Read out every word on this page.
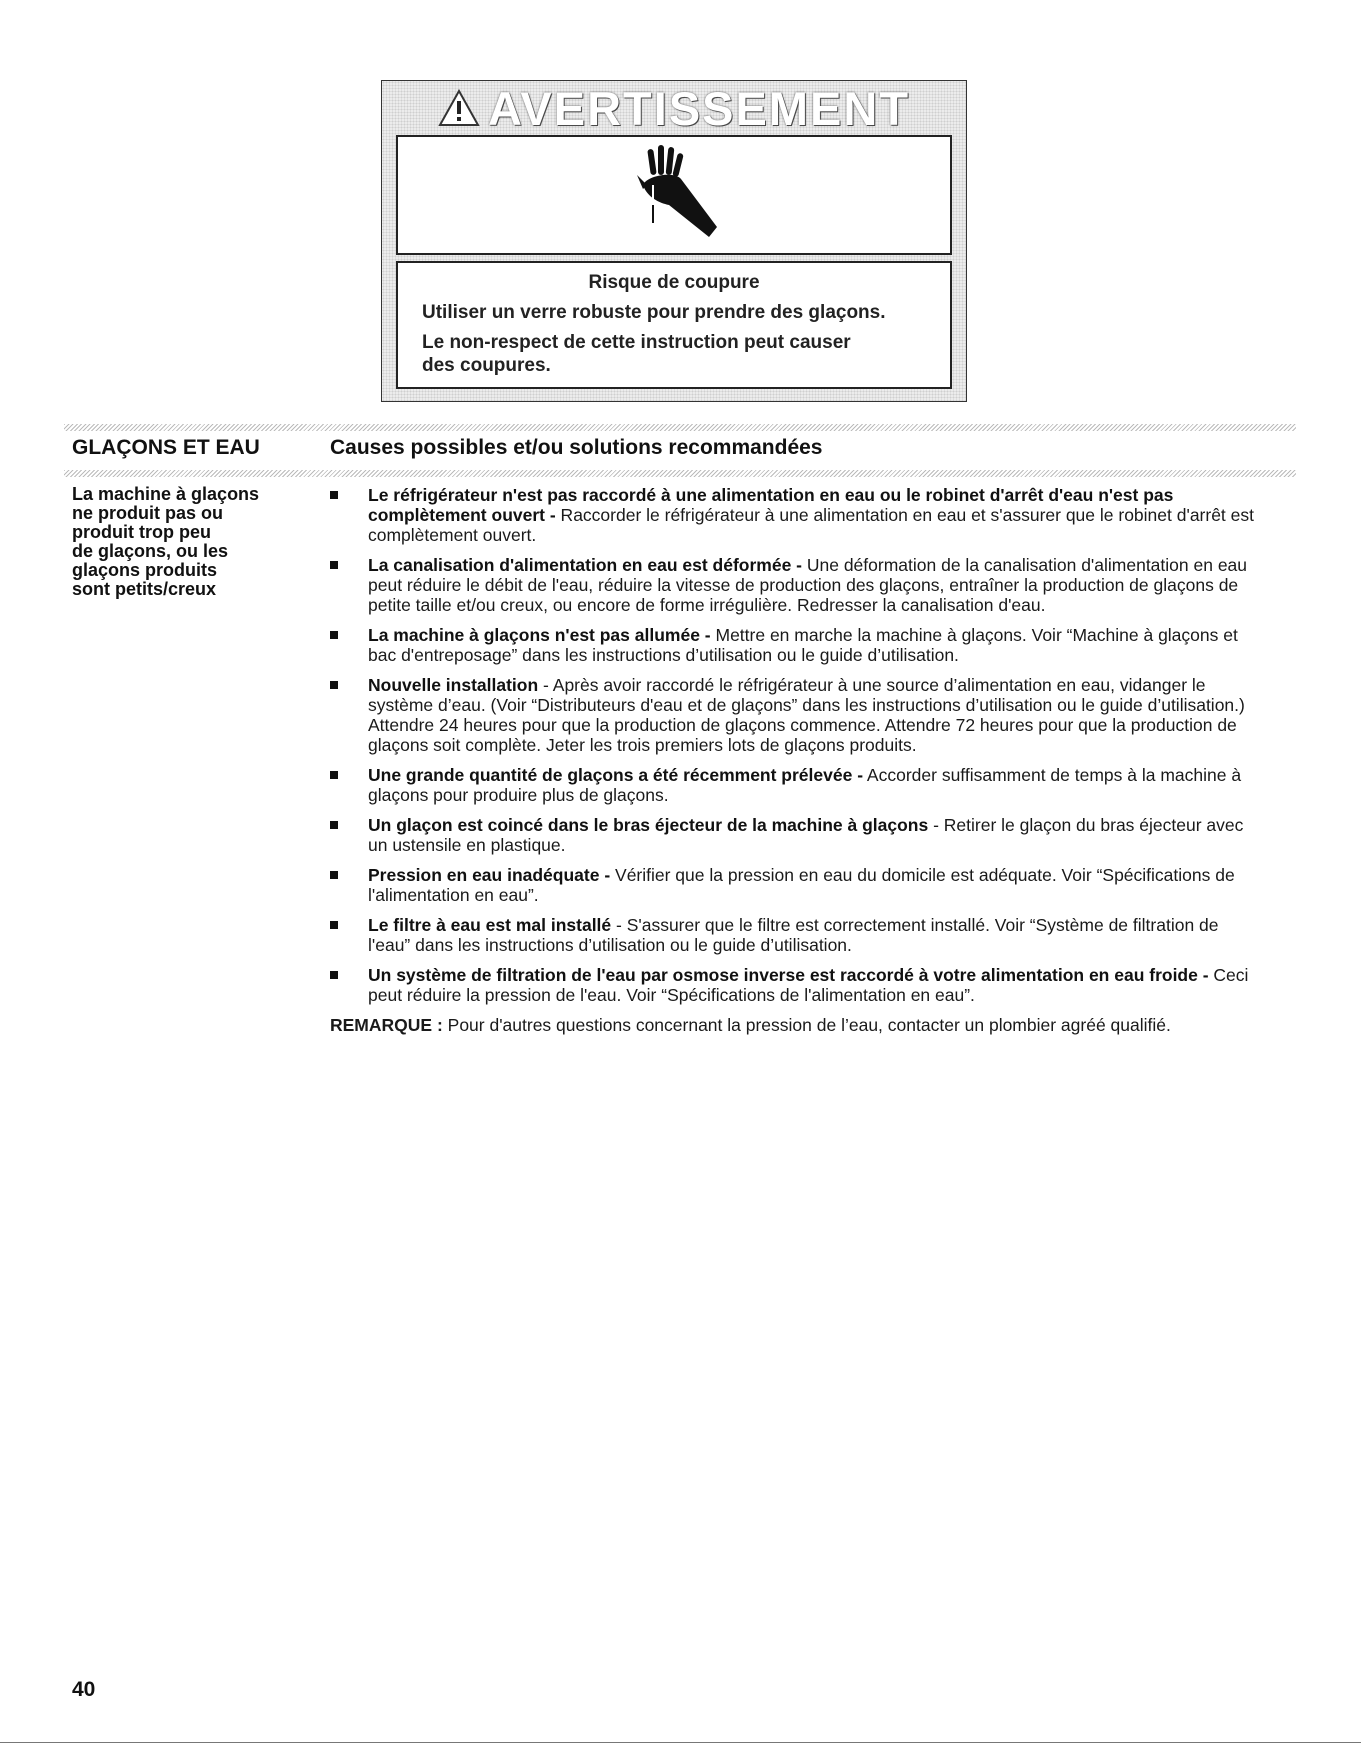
AVERTISSEMENT
Risque de coupure
Utiliser un verre robuste pour prendre des glaçons.
Le non-respect de cette instruction peut causer
des coupures.
GLAÇONS ET EAU	Causes possibles et/ou solutions recommandées
La machine à glaçons
ne produit pas ou
produit trop peu
de glaçons, ou les
glaçons produits
sont petits/creux
Le réfrigérateur n'est pas raccordé à une alimentation en eau ou le robinet d'arrêt d'eau n'est pas complètement ouvert - Raccorder le réfrigérateur à une alimentation en eau et s'assurer que le robinet d'arrêt est complètement ouvert.
La canalisation d'alimentation en eau est déformée - Une déformation de la canalisation d'alimentation en eau peut réduire le débit de l'eau, réduire la vitesse de production des glaçons, entraîner la production de glaçons de petite taille et/ou creux, ou encore de forme irrégulière. Redresser la canalisation d'eau.
La machine à glaçons n'est pas allumée - Mettre en marche la machine à glaçons. Voir “Machine à glaçons et bac d'entreposage” dans les instructions d’utilisation ou le guide d’utilisation.
Nouvelle installation - Après avoir raccordé le réfrigérateur à une source d’alimentation en eau, vidanger le système d’eau. (Voir “Distributeurs d'eau et de glaçons” dans les instructions d’utilisation ou le guide d’utilisation.) Attendre 24 heures pour que la production de glaçons commence. Attendre 72 heures pour que la production de glaçons soit complète. Jeter les trois premiers lots de glaçons produits.
Une grande quantité de glaçons a été récemment prélevée - Accorder suffisamment de temps à la machine à glaçons pour produire plus de glaçons.
Un glaçon est coincé dans le bras éjecteur de la machine à glaçons - Retirer le glaçon du bras éjecteur avec un ustensile en plastique.
Pression en eau inadéquate - Vérifier que la pression en eau du domicile est adéquate. Voir “Spécifications de l'alimentation en eau”.
Le filtre à eau est mal installé - S'assurer que le filtre est correctement installé. Voir “Système de filtration de l'eau” dans les instructions d’utilisation ou le guide d’utilisation.
Un système de filtration de l'eau par osmose inverse est raccordé à votre alimentation en eau froide - Ceci peut réduire la pression de l'eau. Voir “Spécifications de l'alimentation en eau”.
REMARQUE : Pour d'autres questions concernant la pression de l’eau, contacter un plombier agréé qualifié.
40
